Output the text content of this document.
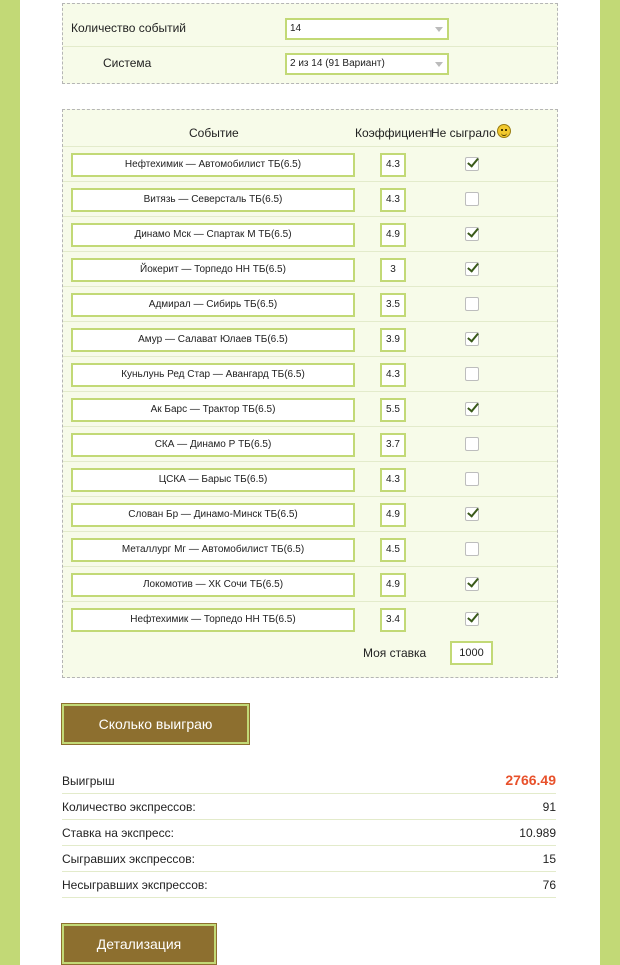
Количество событий	14
Система	2 из 14 (91 Вариант)
Событие	Коэффициент
Не сыграло
Нефтехимик — Автомобилист ТБ(6.5)	4.3
Витязь — Северсталь ТБ(6.5)	4.3
Динамо Мск — Спартак М ТБ(6.5)	4.9
Йокерит — Торпедо НН ТБ(6.5)	3
Адмирал — Сибирь ТБ(6.5)	3.5
Амур — Салават Юлаев ТБ(6.5)	3.9
Куньлунь Ред Стар — Авангард ТБ(6.5)	4.3
Ак Барс — Трактор ТБ(6.5)	5.5
СКА — Динамо Р ТБ(6.5)	3.7
ЦСКА — Барыс ТБ(6.5)	4.3
Слован Бр — Динамо-Минск ТБ(6.5)	4.9
Металлург Мг — Автомобилист ТБ(6.5)	4.5
Локомотив — ХК Сочи ТБ(6.5)	4.9
Нефтехимик — Торпедо НН ТБ(6.5)	3.4
Моя ставка	1000
Сколько выиграю
Выигрыш	2766.49
Количество экспрессов:	91
Ставка на экспресс:	10.989
Сыгравших экспрессов:	15
Несыгравших экспрессов:	76
Детализация
